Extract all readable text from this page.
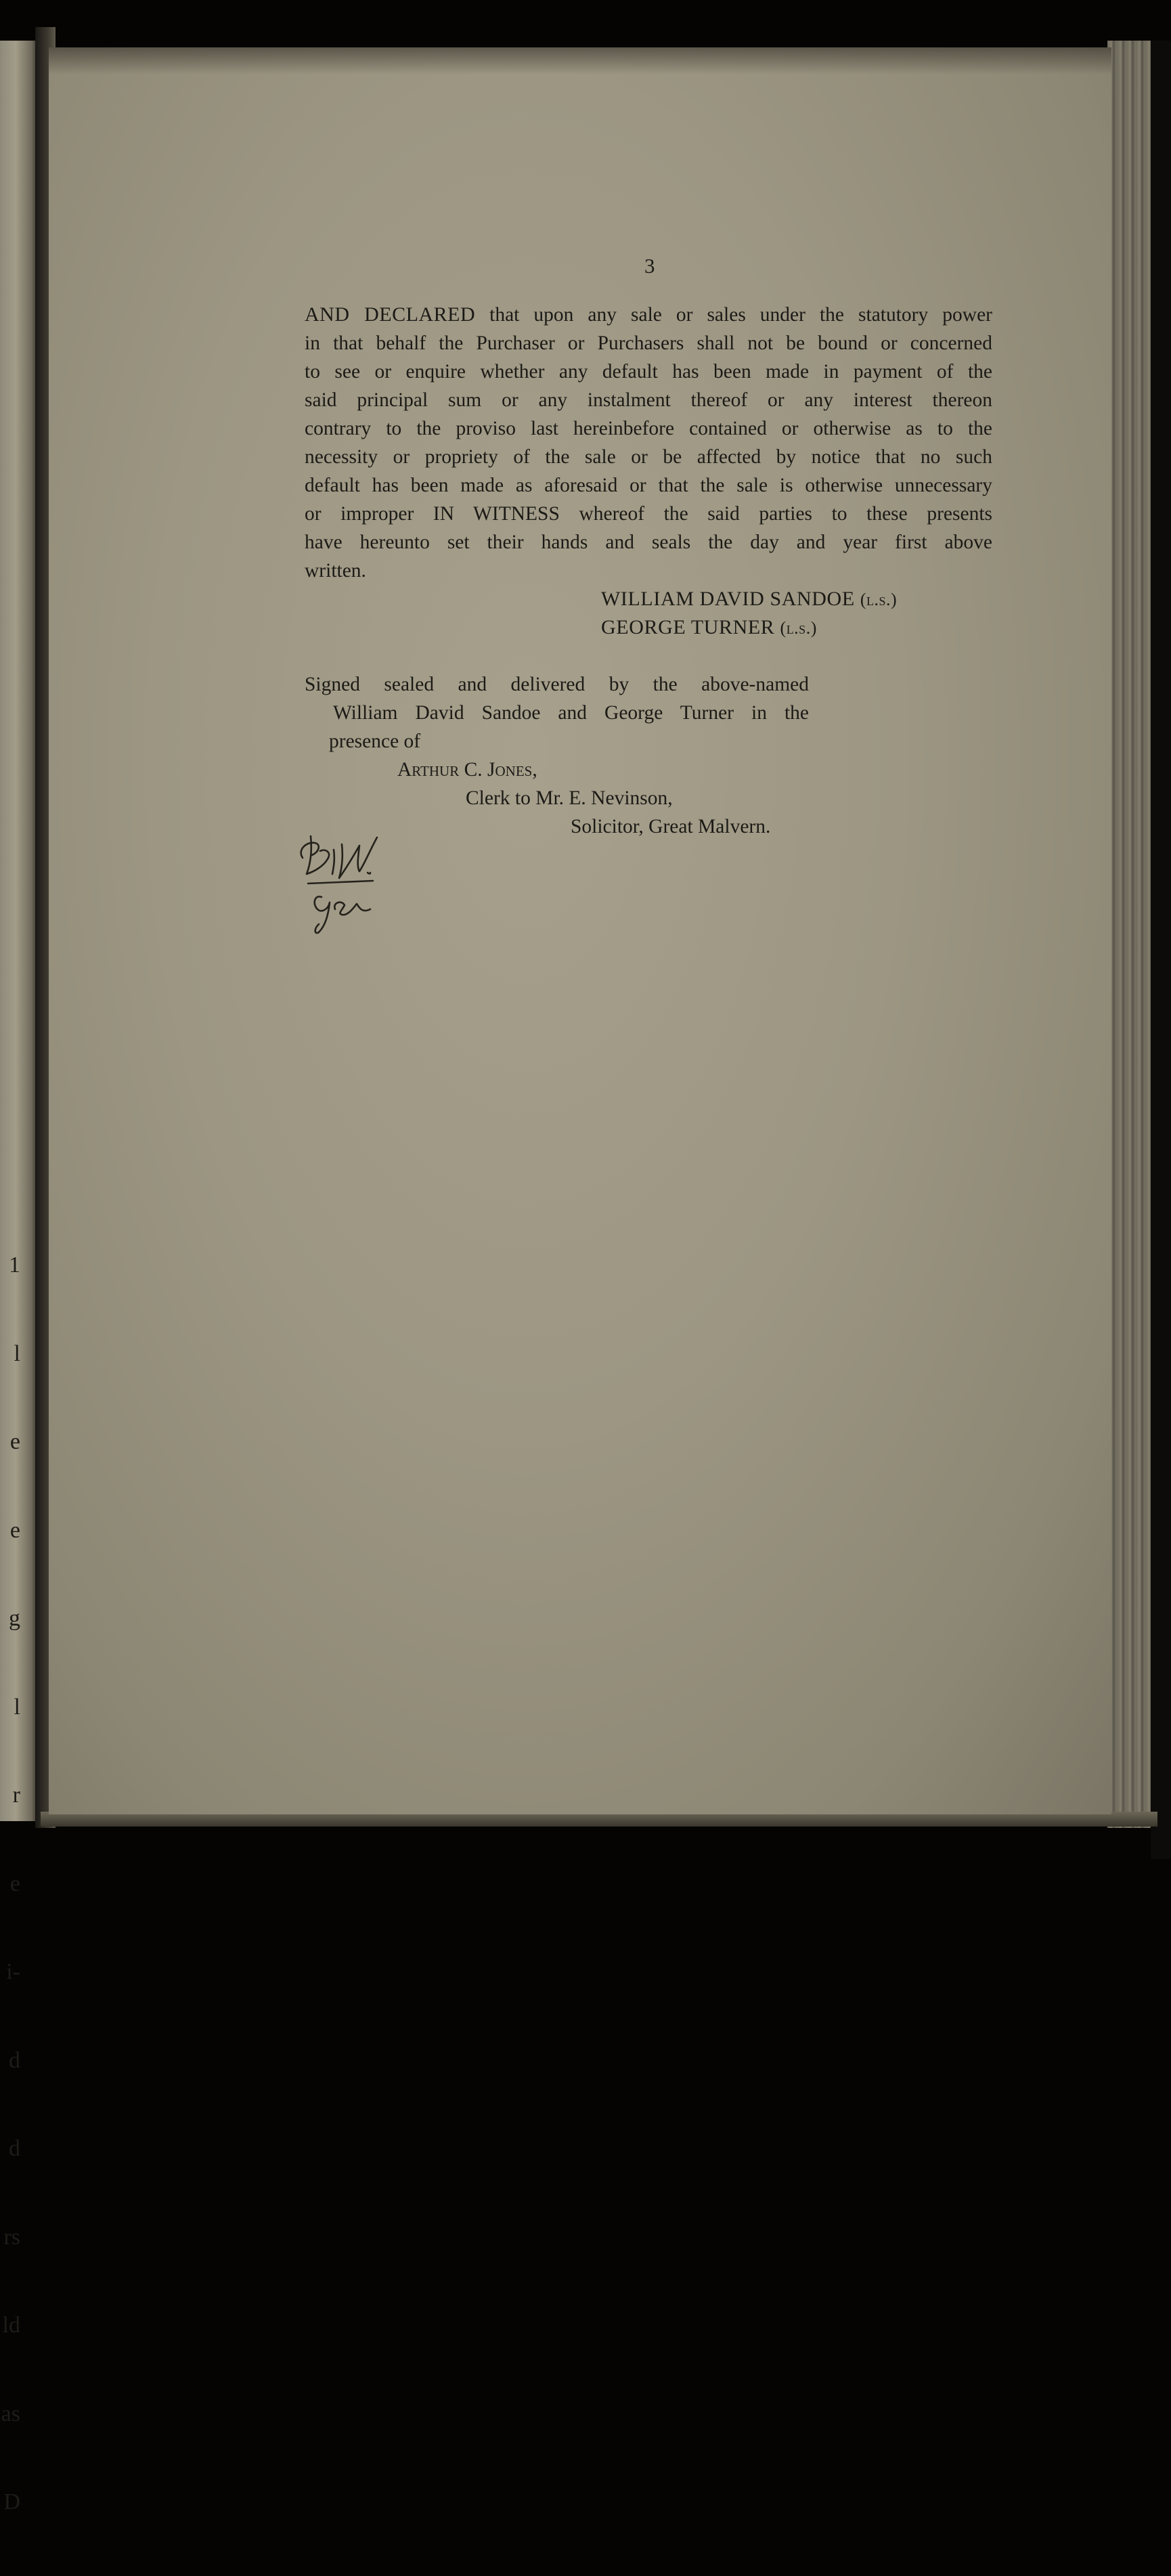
1

l

e

e

g

l

r

e

i-

d

d

rs

ld

as

D

3
AND DECLARED that upon any sale or sales under the statutory power
in that behalf the Purchaser or Purchasers shall not be bound or concerned
to see or enquire whether any default has been made in payment of the
said principal sum or any instalment thereof or any interest thereon
contrary to the proviso last hereinbefore contained or otherwise as to the
necessity or propriety of the sale or be affected by notice that no such
default has been made as aforesaid or that the sale is otherwise unnecessary
or improper IN WITNESS whereof the said parties to these presents
have hereunto set their hands and seals the day and year first above
written.
WILLIAM DAVID SANDOE (l.s.)
GEORGE TURNER (l.s.)
Signed sealed and delivered by the above-named
William David Sandoe and George Turner in the
presence of
Arthur C. Jones,
Clerk to Mr. E. Nevinson,
Solicitor, Great Malvern.
